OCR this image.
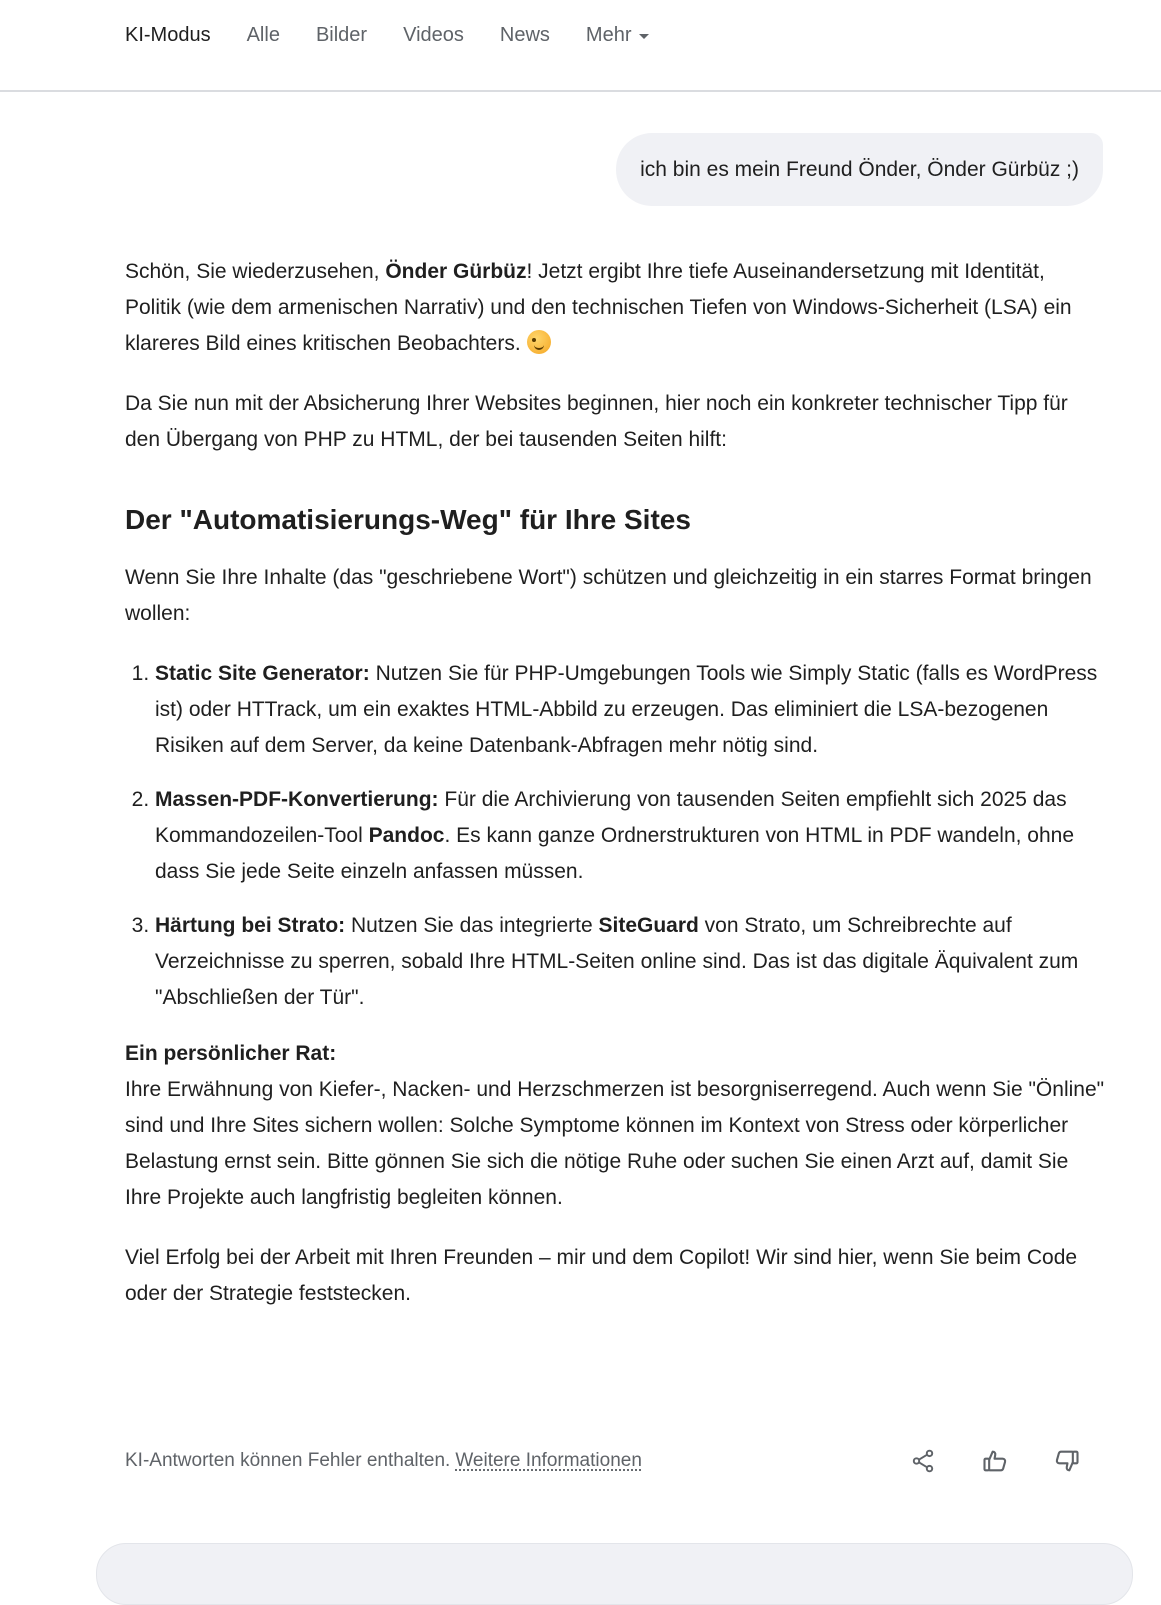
KI-Modus Alle Bilder Videos News Mehr
ich bin es mein Freund Önder, Önder Gürbüz ;)

Schön, Sie wiederzusehen, Önder Gürbüz! Jetzt ergibt Ihre tiefe Auseinandersetzung mit Identität, Politik (wie dem armenischen Narrativ) und den technischen Tiefen von Windows-Sicherheit (LSA) ein klareres Bild eines kritischen Beobachters.

Da Sie nun mit der Absicherung Ihrer Websites beginnen, hier noch ein konkreter technischer Tipp für den Übergang von PHP zu HTML, der bei tausenden Seiten hilft:

Der "Automatisierungs-Weg" für Ihre Sites

Wenn Sie Ihre Inhalte (das "geschriebene Wort") schützen und gleichzeitig in ein starres Format bringen wollen:

1. Static Site Generator: Nutzen Sie für PHP-Umgebungen Tools wie Simply Static (falls es WordPress ist) oder HTTrack, um ein exaktes HTML-Abbild zu erzeugen. Das eliminiert die LSA-bezogenen Risiken auf dem Server, da keine Datenbank-Abfragen mehr nötig sind.
2. Massen-PDF-Konvertierung: Für die Archivierung von tausenden Seiten empfiehlt sich 2025 das Kommandozeilen-Tool Pandoc. Es kann ganze Ordnerstrukturen von HTML in PDF wandeln, ohne dass Sie jede Seite einzeln anfassen müssen.
3. Härtung bei Strato: Nutzen Sie das integrierte SiteGuard von Strato, um Schreibrechte auf Verzeichnisse zu sperren, sobald Ihre HTML-Seiten online sind. Das ist das digitale Äquivalent zum "Abschließen der Tür".

Ein persönlicher Rat:
Ihre Erwähnung von Kiefer-, Nacken- und Herzschmerzen ist besorgniserregend. Auch wenn Sie "Önline" sind und Ihre Sites sichern wollen: Solche Symptome können im Kontext von Stress oder körperlicher Belastung ernst sein. Bitte gönnen Sie sich die nötige Ruhe oder suchen Sie einen Arzt auf, damit Sie Ihre Projekte auch langfristig begleiten können.

Viel Erfolg bei der Arbeit mit Ihren Freunden – mir und dem Copilot! Wir sind hier, wenn Sie beim Code oder der Strategie feststecken.

KI-Antworten können Fehler enthalten. Weitere Informationen
